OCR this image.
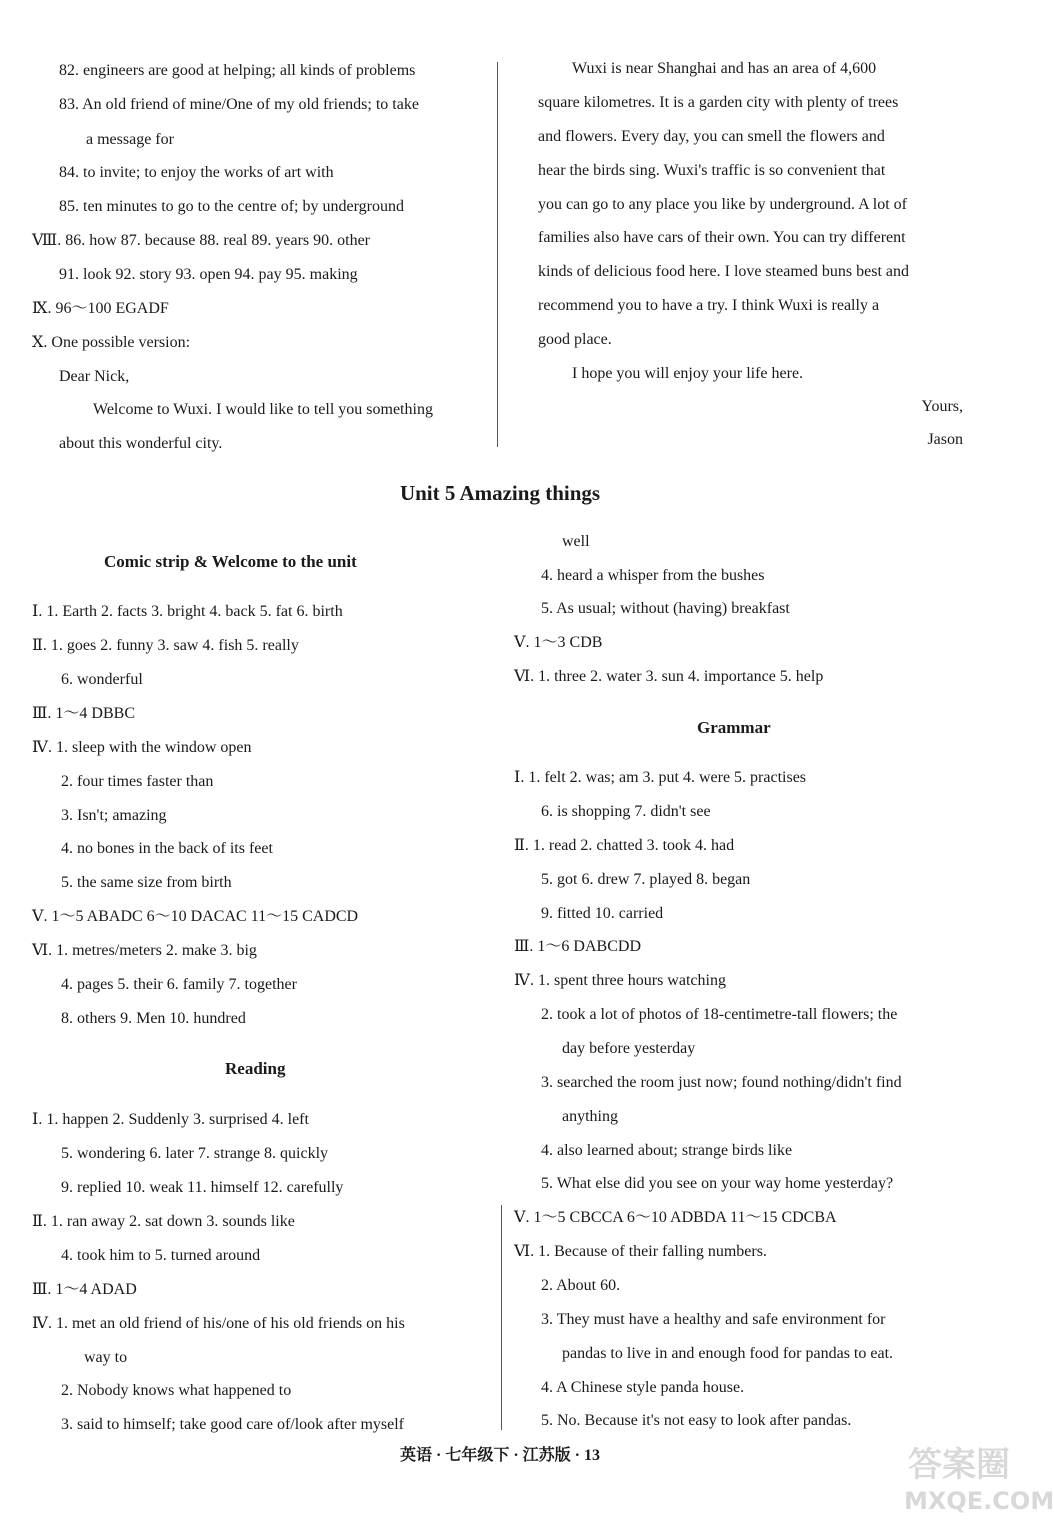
82. engineers are good at helping; all kinds of problems
83. An old friend of mine/One of my old friends; to take
a message for
84. to invite; to enjoy the works of art with
85. ten minutes to go to the centre of; by underground
Ⅷ. 86. how 87. because 88. real 89. years 90. other
91. look 92. story 93. open 94. pay 95. making
Ⅸ. 96～100 EGADF
Ⅹ. One possible version:
Dear Nick,
Welcome to Wuxi. I would like to tell you something
about this wonderful city.
Wuxi is near Shanghai and has an area of 4,600
square kilometres. It is a garden city with plenty of trees
and flowers. Every day, you can smell the flowers and
hear the birds sing. Wuxi's traffic is so convenient that
you can go to any place you like by underground. A lot of
families also have cars of their own. You can try different
kinds of delicious food here. I love steamed buns best and
recommend you to have a try. I think Wuxi is really a
good place.
I hope you will enjoy your life here.
Yours,
Jason
Unit 5 Amazing things
Comic strip & Welcome to the unit
Ⅰ. 1. Earth 2. facts 3. bright 4. back 5. fat 6. birth
Ⅱ. 1. goes 2. funny 3. saw 4. fish 5. really
6. wonderful
Ⅲ. 1～4 DBBC
Ⅳ. 1. sleep with the window open
2. four times faster than
3. Isn't; amazing
4. no bones in the back of its feet
5. the same size from birth
Ⅴ. 1～5 ABADC 6～10 DACAC 11～15 CADCD
Ⅵ. 1. metres/meters 2. make 3. big
4. pages 5. their 6. family 7. together
8. others 9. Men 10. hundred
Reading
Ⅰ. 1. happen 2. Suddenly 3. surprised 4. left
5. wondering 6. later 7. strange 8. quickly
9. replied 10. weak 11. himself 12. carefully
Ⅱ. 1. ran away 2. sat down 3. sounds like
4. took him to 5. turned around
Ⅲ. 1～4 ADAD
Ⅳ. 1. met an old friend of his/one of his old friends on his
way to
2. Nobody knows what happened to
3. said to himself; take good care of/look after myself
well
4. heard a whisper from the bushes
5. As usual; without (having) breakfast
Ⅴ. 1～3 CDB
Ⅵ. 1. three 2. water 3. sun 4. importance 5. help
Grammar
Ⅰ. 1. felt 2. was; am 3. put 4. were 5. practises
6. is shopping 7. didn't see
Ⅱ. 1. read 2. chatted 3. took 4. had
5. got 6. drew 7. played 8. began
9. fitted 10. carried
Ⅲ. 1～6 DABCDD
Ⅳ. 1. spent three hours watching
2. took a lot of photos of 18-centimetre-tall flowers; the
day before yesterday
3. searched the room just now; found nothing/didn't find
anything
4. also learned about; strange birds like
5. What else did you see on your way home yesterday?
Ⅴ. 1～5 CBCCA 6～10 ADBDA 11～15 CDCBA
Ⅵ. 1. Because of their falling numbers.
2. About 60.
3. They must have a healthy and safe environment for
pandas to live in and enough food for pandas to eat.
4. A Chinese style panda house.
5. No. Because it's not easy to look after pandas.
英语 · 七年级下 · 江苏版 · 13	答案圈
MXQE.COM
